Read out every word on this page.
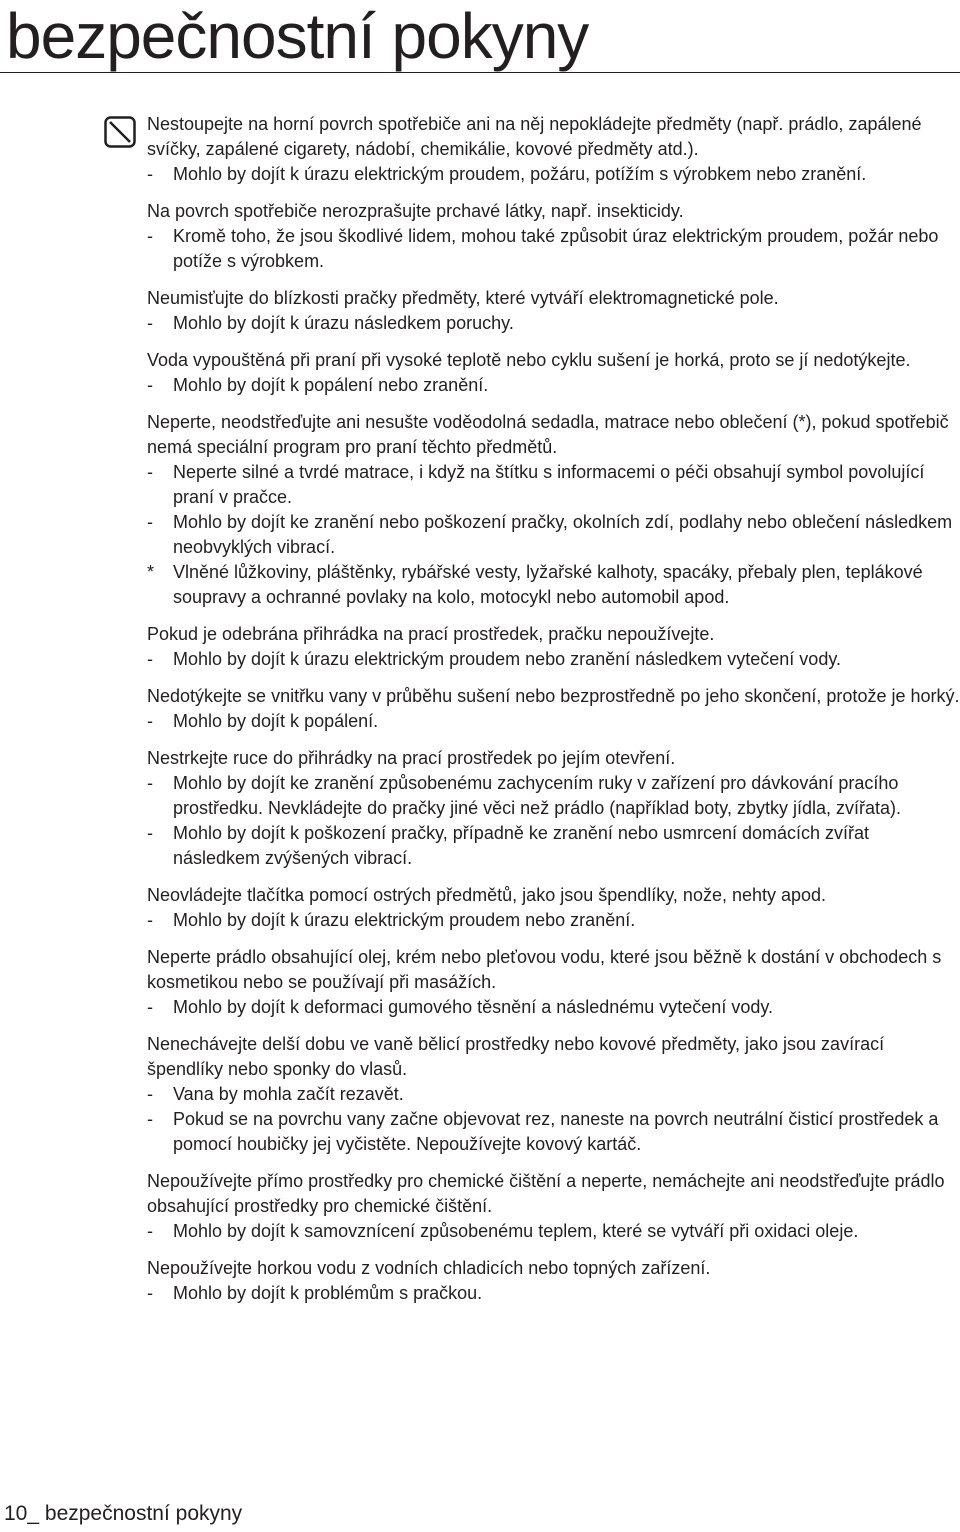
bezpečnostní pokyny

Nestoupejte na horní povrch spotřebiče ani na něj nepokládejte předměty (např. prádlo, zapálené svíčky, zapálené cigarety, nádobí, chemikálie, kovové předměty atd.).

- Mohlo by dojít k úrazu elektrickým proudem, požáru, potížím s výrobkem nebo zranění.

Na povrch spotřebiče nerozprašujte prchavé látky, např. insekticidy.

- Kromě toho, že jsou škodlivé lidem, mohou také způsobit úraz elektrickým proudem, požár nebo potíže s výrobkem.

Neumisťujte do blízkosti pračky předměty, které vytváří elektromagnetické pole.

- Mohlo by dojít k úrazu následkem poruchy.

Voda vypouštěná při praní při vysoké teplotě nebo cyklu sušení je horká, proto se jí nedotýkejte.

- Mohlo by dojít k popálení nebo zranění.

Neperte, neodstřeďujte ani nesušte voděodolná sedadla, matrace nebo oblečení (*), pokud spotřebič nemá speciální program pro praní těchto předmětů.

- Neperte silné a tvrdé matrace, i když na štítku s informacemi o péči obsahují symbol povolující praní v pračce.
- Mohlo by dojít ke zranění nebo poškození pračky, okolních zdí, podlahy nebo oblečení následkem neobvyklých vibrací.
* Vlněné lůžkoviny, pláštěnky, rybářské vesty, lyžařské kalhoty, spacáky, přebaly plen, teplákové soupravy a ochranné povlaky na kolo, motocykl nebo automobil apod.

Pokud je odebrána přihrádka na prací prostředek, pračku nepoužívejte.

- Mohlo by dojít k úrazu elektrickým proudem nebo zranění následkem vytečení vody.

Nedotýkejte se vnitřku vany v průběhu sušení nebo bezprostředně po jeho skončení, protože je horký.

- Mohlo by dojít k popálení.

Nestrkejte ruce do přihrádky na prací prostředek po jejím otevření.

- Mohlo by dojít ke zranění způsobenému zachycením ruky v zařízení pro dávkování pracího prostředku. Nevkládejte do pračky jiné věci než prádlo (například boty, zbytky jídla, zvířata).
- Mohlo by dojít k poškození pračky, případně ke zranění nebo usmrcení domácích zvířat následkem zvýšených vibrací.

Neovládejte tlačítka pomocí ostrých předmětů, jako jsou špendlíky, nože, nehty apod.

- Mohlo by dojít k úrazu elektrickým proudem nebo zranění.

Neperte prádlo obsahující olej, krém nebo pleťovou vodu, které jsou běžně k dostání v obchodech s kosmetikou nebo se používají při masážích.

- Mohlo by dojít k deformaci gumového těsnění a následnému vytečení vody.

Nenechávejte delší dobu ve vaně bělicí prostředky nebo kovové předměty, jako jsou zavírací špendlíky nebo sponky do vlasů.

- Vana by mohla začít rezavět.
- Pokud se na povrchu vany začne objevovat rez, naneste na povrch neutrální čisticí prostředek a pomocí houbičky jej vyčistěte. Nepoužívejte kovový kartáč.

Nepoužívejte přímo prostředky pro chemické čištění a neperte, nemáchejte ani neodstřeďujte prádlo obsahující prostředky pro chemické čištění.

- Mohlo by dojít k samovznícení způsobenému teplem, které se vytváří při oxidaci oleje.

Nepoužívejte horkou vodu z vodních chladicích nebo topných zařízení.

- Mohlo by dojít k problémům s pračkou.
10_ bezpečnostní pokyny
